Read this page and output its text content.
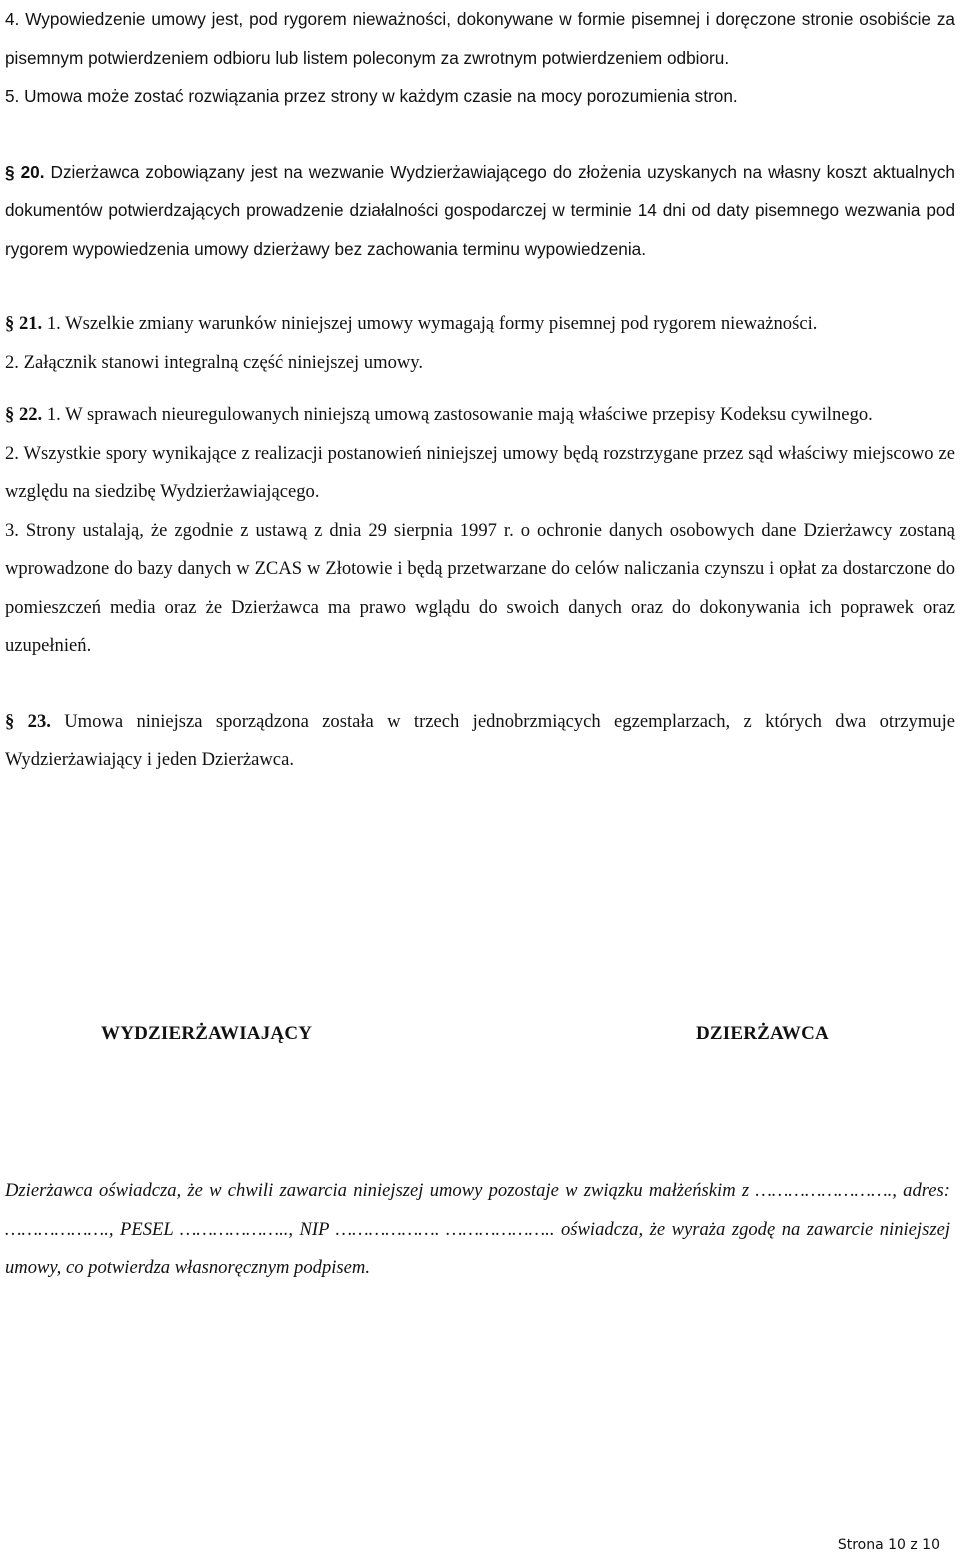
4. Wypowiedzenie umowy jest, pod rygorem nieważności, dokonywane w formie pisemnej i doręczone stronie osobiście za pisemnym potwierdzeniem odbioru lub listem poleconym za zwrotnym potwierdzeniem odbioru.

5. Umowa może zostać rozwiązania przez strony w każdym czasie na mocy porozumienia stron.

§ 20. Dzierżawca zobowiązany jest na wezwanie Wydzierżawiającego do złożenia uzyskanych na własny koszt aktualnych dokumentów potwierdzających prowadzenie działalności gospodarczej w terminie 14 dni od daty pisemnego wezwania pod rygorem wypowiedzenia umowy dzierżawy bez zachowania terminu wypowiedzenia.

§ 21. 1. Wszelkie zmiany warunków niniejszej umowy wymagają formy pisemnej pod rygorem nieważności.

2. Załącznik stanowi integralną część niniejszej umowy.

§ 22. 1. W sprawach nieuregulowanych niniejszą umową zastosowanie mają właściwe przepisy Kodeksu cywilnego.

2. Wszystkie spory wynikające z realizacji postanowień niniejszej umowy będą rozstrzygane przez sąd właściwy miejscowo ze względu na siedzibę Wydzierżawiającego.

3. Strony ustalają, że zgodnie z ustawą z dnia 29 sierpnia 1997 r. o ochronie danych osobowych dane Dzierżawcy zostaną wprowadzone do bazy danych w ZCAS w Złotowie i będą przetwarzane do celów naliczania czynszu i opłat za dostarczone do pomieszczeń media oraz że Dzierżawca ma prawo wglądu do swoich danych oraz do dokonywania ich poprawek oraz uzupełnień.

§ 23. Umowa niniejsza sporządzona została w trzech jednobrzmiących egzemplarzach, z których dwa otrzymuje Wydzierżawiający i jeden Dzierżawca.

WYDZIERŻAWIAJĄCY	DZIERŻAWCA

Dzierżawca oświadcza, że w chwili zawarcia niniejszej umowy pozostaje w związku małżeńskim z ……………………., adres: ………………., PESEL ……………….., NIP ………………. ……………….. oświadcza, że wyraża zgodę na zawarcie niniejszej umowy, co potwierdza własnoręcznym podpisem.

Strona 10 z 10
